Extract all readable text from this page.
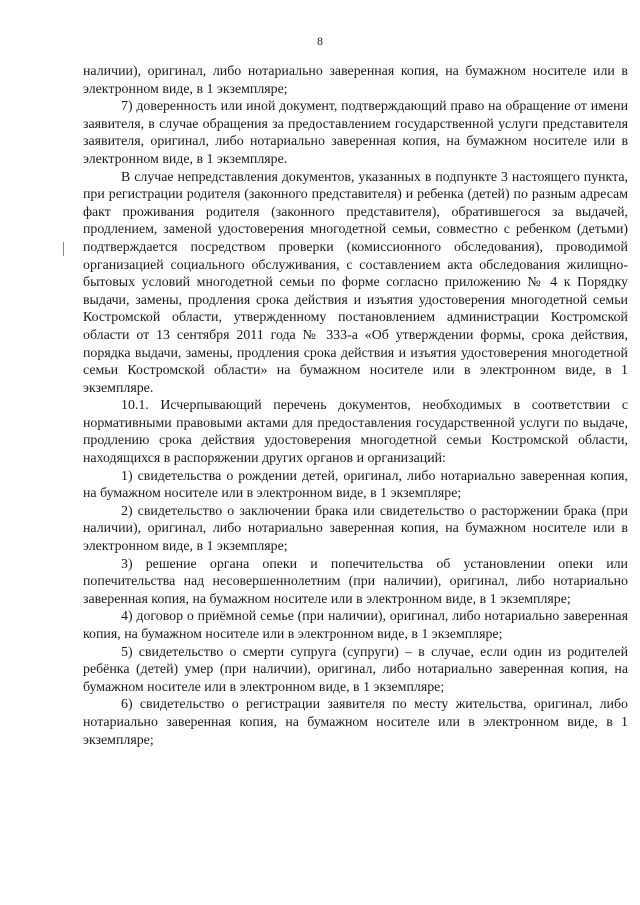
8

наличии), оригинал, либо нотариально заверенная копия, на бумажном носителе или в электронном виде, в 1 экземпляре;

7) доверенность или иной документ, подтверждающий право на обращение от имени заявителя, в случае обращения за предоставлением государственной услуги представителя заявителя, оригинал, либо нотариально заверенная копия, на бумажном носителе или в электронном виде, в 1 экземпляре.

В случае непредставления документов, указанных в подпункте 3 настоящего пункта, при регистрации родителя (законного представителя) и ребенка (детей) по разным адресам факт проживания родителя (законного представителя), обратившегося за выдачей, продлением, заменой удостоверения многодетной семьи, совместно с ребенком (детьми) подтверждается посредством проверки (комиссионного обследования), проводимой организацией социального обслуживания, с составлением акта обследования жилищно-бытовых условий многодетной семьи по форме согласно приложению № 4 к Порядку выдачи, замены, продления срока действия и изъятия удостоверения многодетной семьи Костромской области, утвержденному постановлением администрации Костромской области от 13 сентября 2011 года № 333-а «Об утверждении формы, срока действия, порядка выдачи, замены, продления срока действия и изъятия удостоверения многодетной семьи Костромской области» на бумажном носителе или в электронном виде, в 1 экземпляре.

10.1. Исчерпывающий перечень документов, необходимых в соответствии с нормативными правовыми актами для предоставления государственной услуги по выдаче, продлению срока действия удостоверения многодетной семьи Костромской области, находящихся в распоряжении других органов и организаций:

1) свидетельства о рождении детей, оригинал, либо нотариально заверенная копия, на бумажном носителе или в электронном виде, в 1 экземпляре;

2) свидетельство о заключении брака или свидетельство о расторжении брака (при наличии), оригинал, либо нотариально заверенная копия, на бумажном носителе или в электронном виде, в 1 экземпляре;

3) решение органа опеки и попечительства об установлении опеки или попечительства над несовершеннолетним (при наличии), оригинал, либо нотариально заверенная копия, на бумажном носителе или в электронном виде, в 1 экземпляре;

4) договор о приёмной семье (при наличии), оригинал, либо нотариально заверенная копия, на бумажном носителе или в электронном виде, в 1 экземпляре;

5) свидетельство о смерти супруга (супруги) – в случае, если один из родителей ребёнка (детей) умер (при наличии), оригинал, либо нотариально заверенная копия, на бумажном носителе или в электронном виде, в 1 экземпляре;

6) свидетельство о регистрации заявителя по месту жительства, оригинал, либо нотариально заверенная копия, на бумажном носителе или в электронном виде, в 1 экземпляре;
